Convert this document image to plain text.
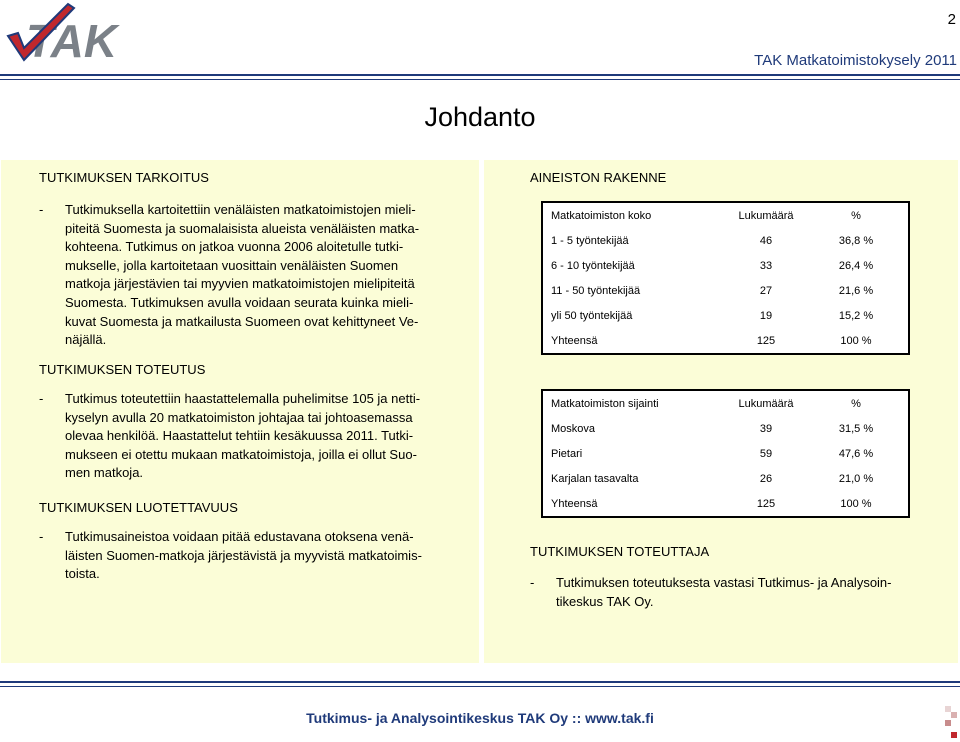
TAK	2
TAK Matkatoimistokysely 2011
Johdanto
TUTKIMUKSEN TARKOITUS
- Tutkimuksella kartoitettiin venäläisten matkatoimistojen mieli-
piteitä Suomesta ja suomalaisista alueista venäläisten matka-
kohteena. Tutkimus on jatkoa vuonna 2006 aloitetulle tutki-
mukselle, jolla kartoitetaan vuosittain venäläisten Suomen
matkoja järjestävien tai myyvien matkatoimistojen mielipiteitä
Suomesta. Tutkimuksen avulla voidaan seurata kuinka mieli-
kuvat Suomesta ja matkailusta Suomeen ovat kehittyneet Ve-
näjällä.
TUTKIMUKSEN TOTEUTUS
- Tutkimus toteutettiin haastattelemalla puhelimitse 105 ja netti-
kyselyn avulla 20 matkatoimiston johtajaa tai johtoasemassa
olevaa henkilöä. Haastattelut tehtiin kesäkuussa 2011. Tutki-
mukseen ei otettu mukaan matkatoimistoja, joilla ei ollut Suo-
men matkoja.
TUTKIMUKSEN LUOTETTAVUUS
- Tutkimusaineistoa voidaan pitää edustavana otoksena venä-
läisten Suomen-matkoja järjestävistä ja myyvistä matkatoimis-
toista.
AINEISTON RAKENNE
Matkatoimiston koko	Lukumäärä	%
1 - 5 työntekijää	46	36,8 %
6 - 10 työntekijää	33	26,4 %
11 - 50 työntekijää	27	21,6 %
yli 50 työntekijää	19	15,2 %
Yhteensä	125	100 %
Matkatoimiston sijainti	Lukumäärä	%
Moskova	39	31,5 %
Pietari	59	47,6 %
Karjalan tasavalta	26	21,0 %
Yhteensä	125	100 %
TUTKIMUKSEN TOTEUTTAJA
- Tutkimuksen toteutuksesta vastasi Tutkimus- ja Analysoin-
tikeskus TAK Oy.
Tutkimus- ja Analysointikeskus TAK Oy :: www.tak.fi
